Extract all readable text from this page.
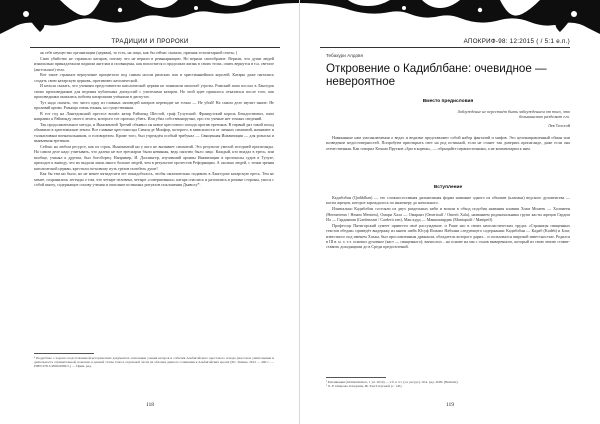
ТРАДИЦИИ И ПРОРОКИ

ак ceбe неущестно организации (церкви), то есть, на лицо, как бы сейчас сказали, признак тоталитарной секты; )

Само убийство не страшило катаров, потому что не верили в реинкарнацию. Но верили своеобразие. Верили, что души людей изначально принадлежали падшим ангелам и посвящены, как воплотятся и продолжат жизнь в своих телах, опять вернутся в т.н. светлое (ангельское) тело.

Вот такое странное вероучение процветало под самым носом римских пап и христианнейших королей. Катары даже пытались создать свою катарскую церковь, противовес католической.

И нельзя сказать, что учениям представители католической церкви не понимали масштаб угрозы. Римский папа послал в Лангедок своих проповедников для ведения публичных дискуссий с учителями катаров. Но этой идее пришлось отказаться после того, как проповедники оказались побиты катарскими учёными в диспутах.

Тут надо сказать, что чисто одну из главных заповедей катаров переводит не точно — Не убий! На самом деле звучит иначе: Не проливай крови. Разница очень тонкая, но существенная.

В тот год на Лангедокский престол вошёл катар Раймонд Шестой, граф Тулузский. Французский король Бешдиствовал, папа направил к Раймонду своего легата, которого тот прогнал убить. Или убил собственноручно, про это ученые нет точных сведений.

Так продолжительное негода, и Иннокентий Третий объявил он новое крестового похода против еретиков. В первый раз такой поход объявили в христианские земли. Все главные крестоносцы Симон де Монфор, которого, в зависимости от личных симпатий, называют и талантливым военачальником, и головорезом. Кроме того, был учреждён особый трибунал — Священная Инквизиция — для розыска и выявления еретиков.

Сейчас на любом ресурсе, как из строк, Иннокентий ни у кого не вызывает симпатий. Это результат умелой историей пропаганды. На самом деле надо учитывать, что далеко не все ересиархи были невинны, ведь папство было лицо. Каждый, кто впадал в ересь, или вообще, учинял к другим, был богоборец. Например, И. Даллингер, изучавший архивы Инквизиции в протоколы судов в Тулузе, приходит к выводу, что их выдали лишь много больше людей, чем в результате протестов Реформации. А сколько людей, с точки зрения католической церкви, крестили по-новому путь грехов погибель душе!

Как бы там ни было, но не менее пятидесяти лет понадобилось, чтобы окончательно подавить в Лангедоке катарскую ересь. Тем не менее, сохранились легенды о том, что четыре человека, четыре «совершенных» катара спаслись и разошлись в разные стороны, унося с собой книгу, содержащие основу учения и описание истинных ритуалов поклонения Дьяволу*.

¹ Подробнее о хорошо подготовленной исторических документах описанием учения катаров и события Альбигойского крестового похода (массовое уничтожение и деятельность отрицательной, показано в данной статье тома в отдельной части на обложке данного сочинения в Альбигойских ересях (М.: Знание, 2012 — 400 с. — ISBN 978-5-9999-9999-5.) — Прим. ред.
118
АПОКРИФ-98: 12:2015 ( / 5:1 е.п.)
Тебахури Алдовя
Откровение о Кадиблбане: очевидное — невероятное
Вместо предисловия
Заблуждение не перестаёт быть заблуждением от того, что большинство разделяет его.
Лев Толстой

Навязанные нам умозаключения о ведах и ведизме представляют собой набор фантазий и мифов. Это целенаправленный обман или возведение недостоверностей. Попробуем приоткрыть свет на род истинной, если не станет так доверять пропаганде, даже если она отечественная. Как говорил Козьма Прутков «Зри в корень», — обращайте первоисточники, а не комментарии к ним.

Вступление

Кадиблбан (Qadiblban) — это сложносоставная дильнелиная форма название одного из обычаев (клапана) ведского духовенства — касты жрецов, которое зарождалось по инженеру до начального.

Изначально Кадиблбан состояли из двух раздельных кейп и вошли в обход подобия названия клавиш Хоам Монеек — Холамеен (Hermetemn / Hmam Mentem), Омари Хала — Омараиз (Omertoalf / Omerit Xala), названием родоначальника групп касты жрецов Гардом Ил — Гарданиии (Gardenzant / Carderit zen), Ман курд — Манкшиирдиь (Mantapaiff / Mantpeff).

Профессор Пятигорский сумеет привести своё рассуждение, и Раше нас в своих неопластическиx трудах «Страницы священных текстов обедаи» приведёт выдержку из книги шейх Юсуф Исмаил Набхани следующего содержания: Кадиблбан — Кадиб (Kadeb) и Благ, известного под именем Хахан, был прославленным драконом, обладатель которого дарил... и пользовался широкой известностью. Родился в III в. н. э. т.т. основал духовное (каст — священного); вычислил... на основе на мы с основ выверенного, который из свою землю ставит-ставить доходящими до в Среди предпочтений.

¹ Репликация (Ghilantalam.ru, 1 уп. 2010) — Сб. в 4 т. (эл. ресурс). Отв. ред. 2009. (Bushehr).
² Х. Р. Омарова. Кладовая, Из Том 6 научной (с. 143)
119
